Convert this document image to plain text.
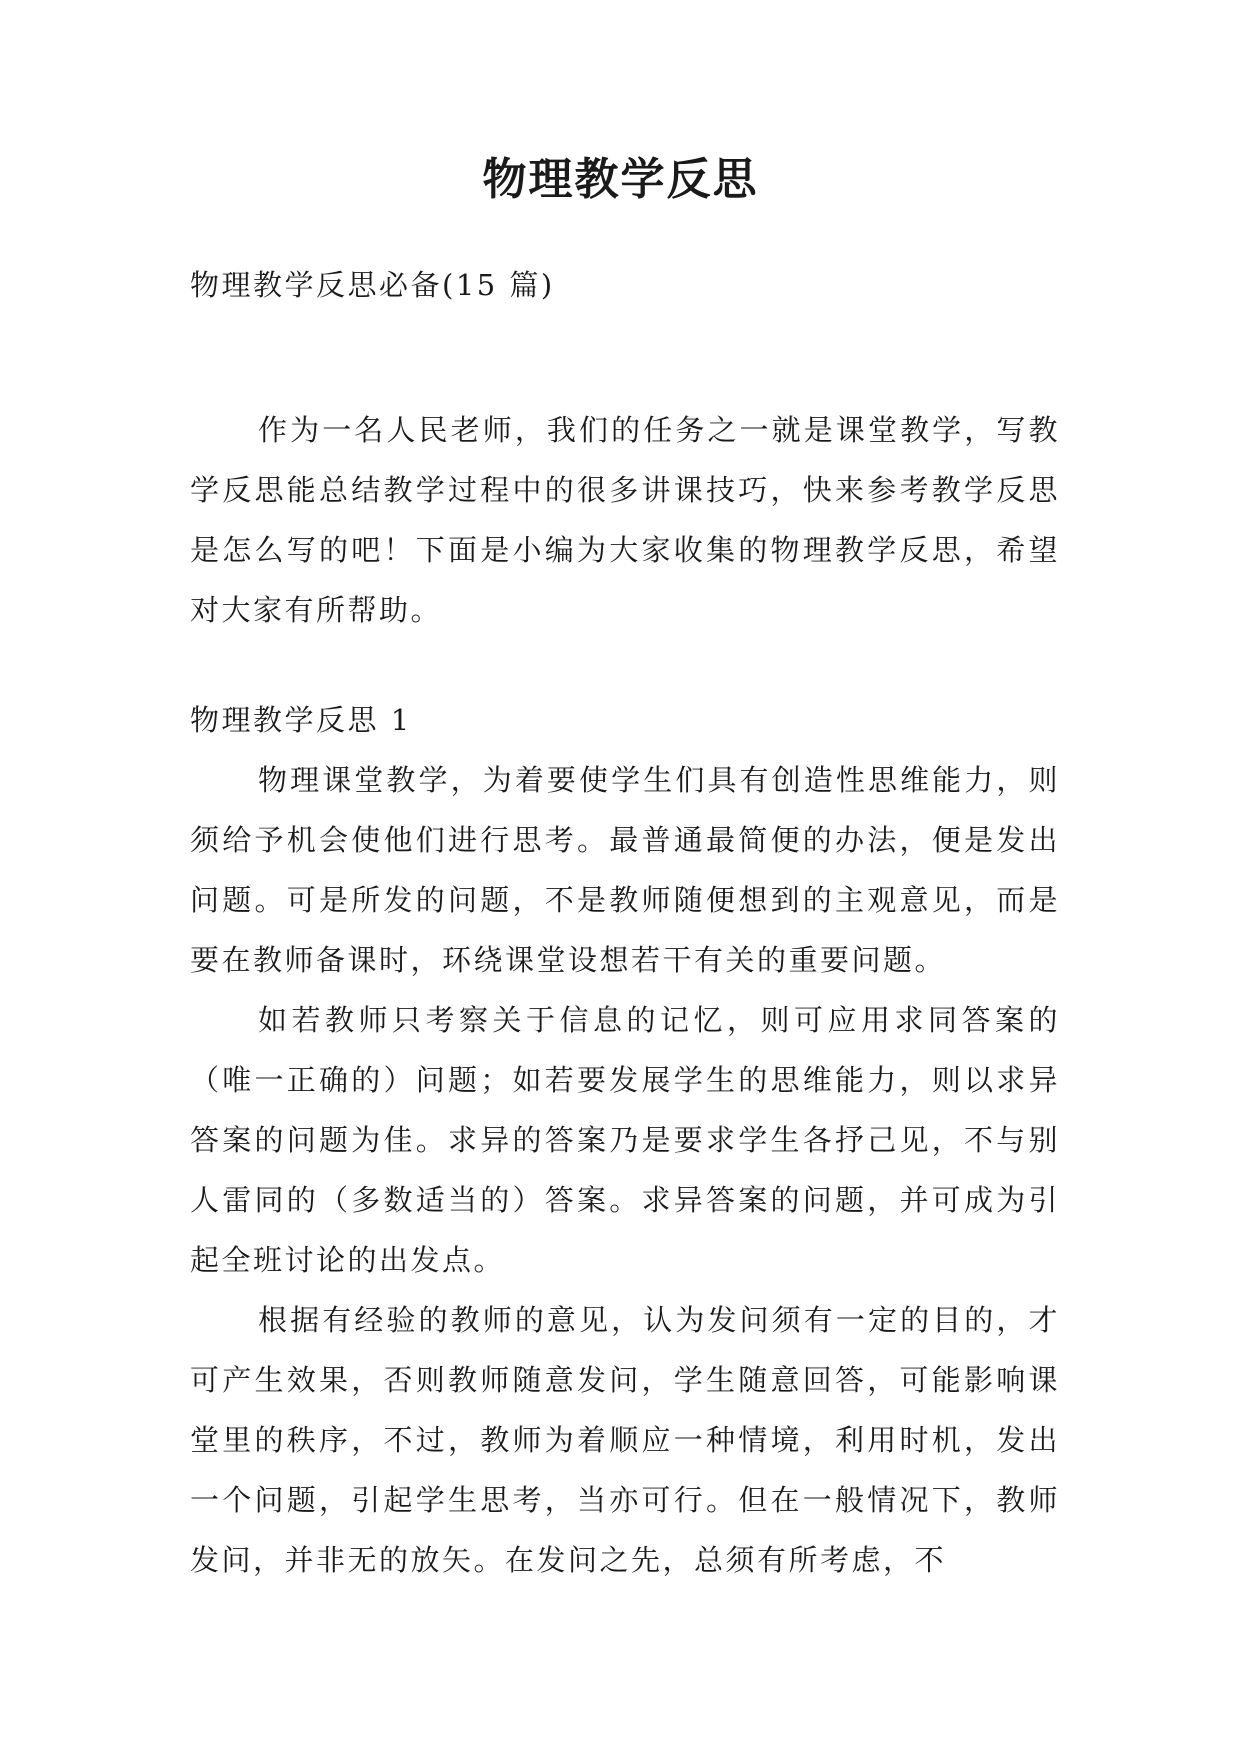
物理教学反思

物理教学反思必备(15 篇)

作为一名人民老师，我们的任务之一就是课堂教学，写教学反思能总结教学过程中的很多讲课技巧，快来参考教学反思是怎么写的吧！下面是小编为大家收集的物理教学反思，希望对大家有所帮助。

物理教学反思 1

物理课堂教学，为着要使学生们具有创造性思维能力，则须给予机会使他们进行思考。最普通最简便的办法，便是发出问题。可是所发的问题，不是教师随便想到的主观意见，而是要在教师备课时，环绕课堂设想若干有关的重要问题。

如若教师只考察关于信息的记忆，则可应用求同答案的（唯一正确的）问题；如若要发展学生的思维能力，则以求异答案的问题为佳。求异的答案乃是要求学生各抒己见，不与别人雷同的（多数适当的）答案。求异答案的问题，并可成为引起全班讨论的出发点。

根据有经验的教师的意见，认为发问须有一定的目的，才可产生效果，否则教师随意发问，学生随意回答，可能影响课堂里的秩序，不过，教师为着顺应一种情境，利用时机，发出一个问题，引起学生思考，当亦可行。但在一般情况下，教师发问，并非无的放矢。在发问之先，总须有所考虑，不
